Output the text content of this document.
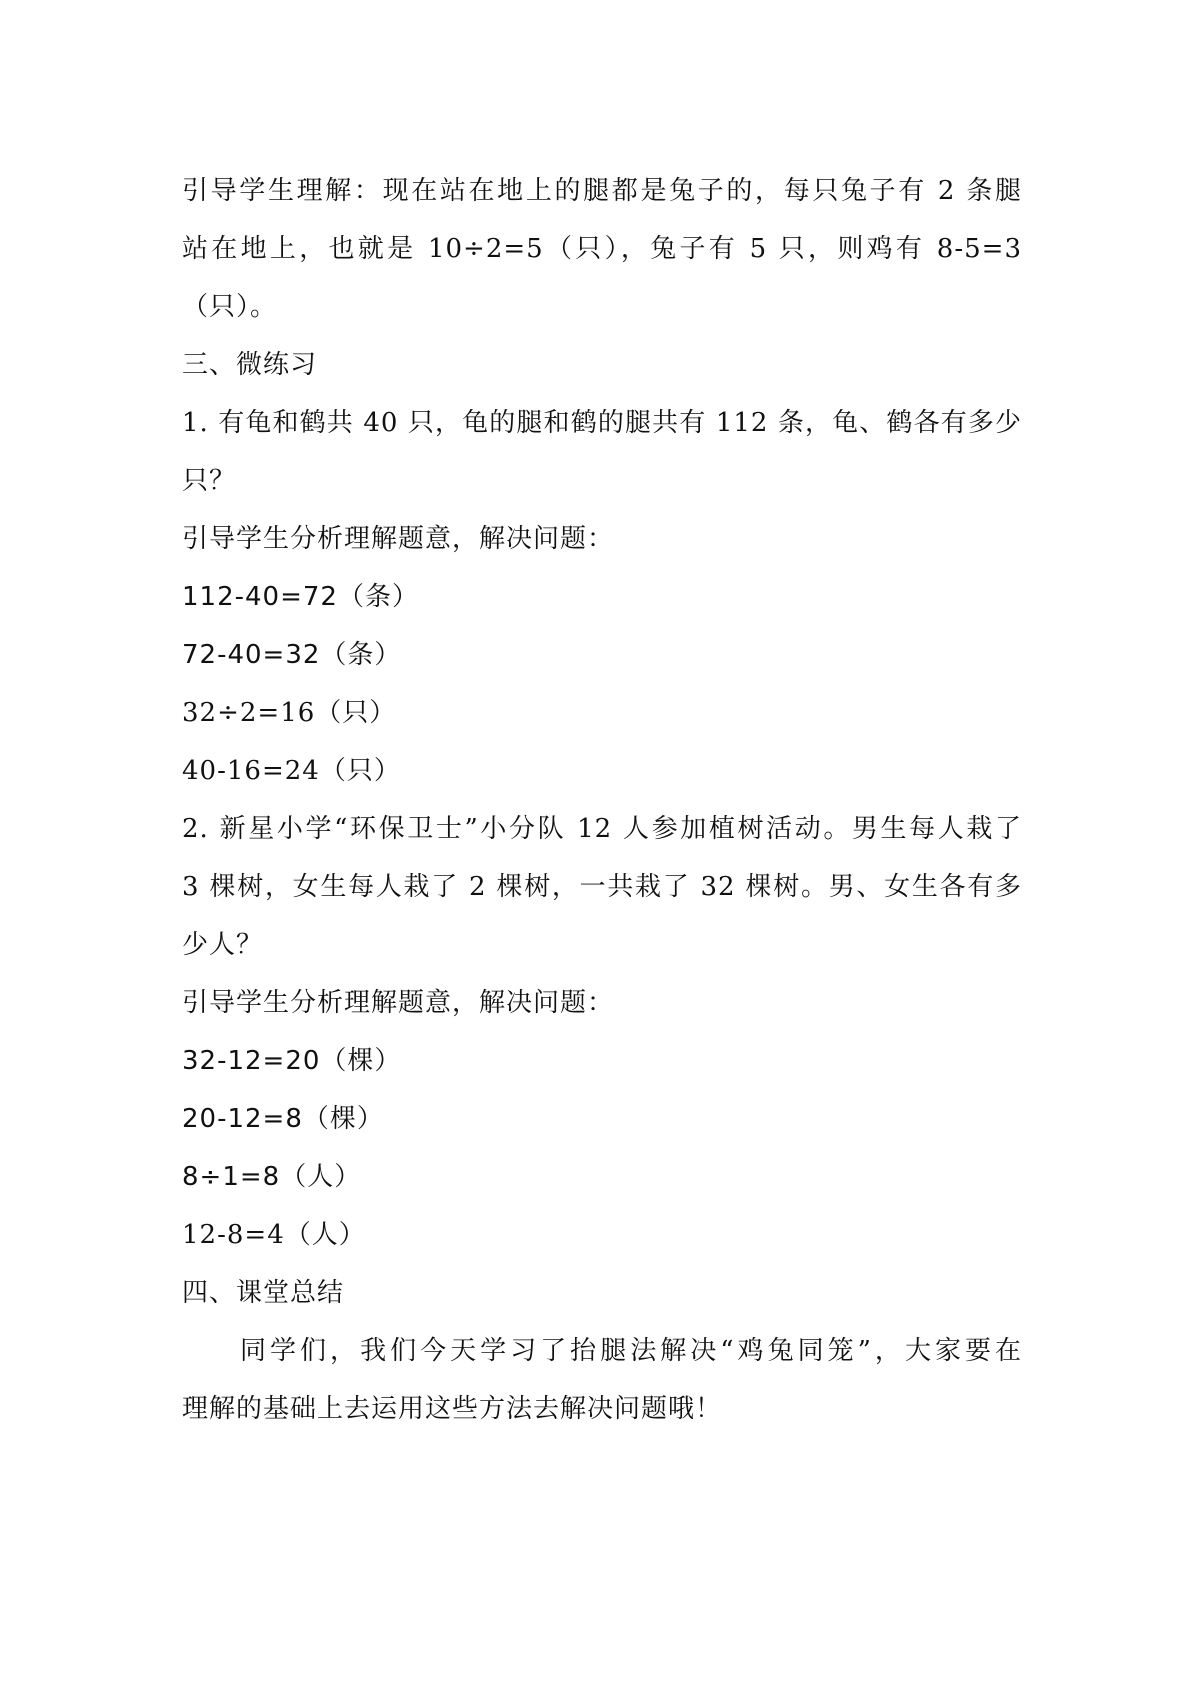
引导学生理解：现在站在地上的腿都是兔子的，每只兔子有 2 条腿
站在地上，也就是 10÷2=5（只），兔子有 5 只，则鸡有 8-5=3
（只）。
三、微练习
1. 有龟和鹤共 40 只，龟的腿和鹤的腿共有 112 条，龟、鹤各有多少
只？
引导学生分析理解题意，解决问题：
112-40=72（条）
72-40=32（条）
32÷2=16（只）
40-16=24（只）
2. 新星小学“环保卫士”小分队 12 人参加植树活动。男生每人栽了
3 棵树，女生每人栽了 2 棵树，一共栽了 32 棵树。男、女生各有多
少人？
引导学生分析理解题意，解决问题：
32-12=20（棵）
20-12=8（棵）
8÷1=8（人）
12-8=4（人）
四、课堂总结
同学们，我们今天学习了抬腿法解决“鸡兔同笼”，大家要在
理解的基础上去运用这些方法去解决问题哦！
